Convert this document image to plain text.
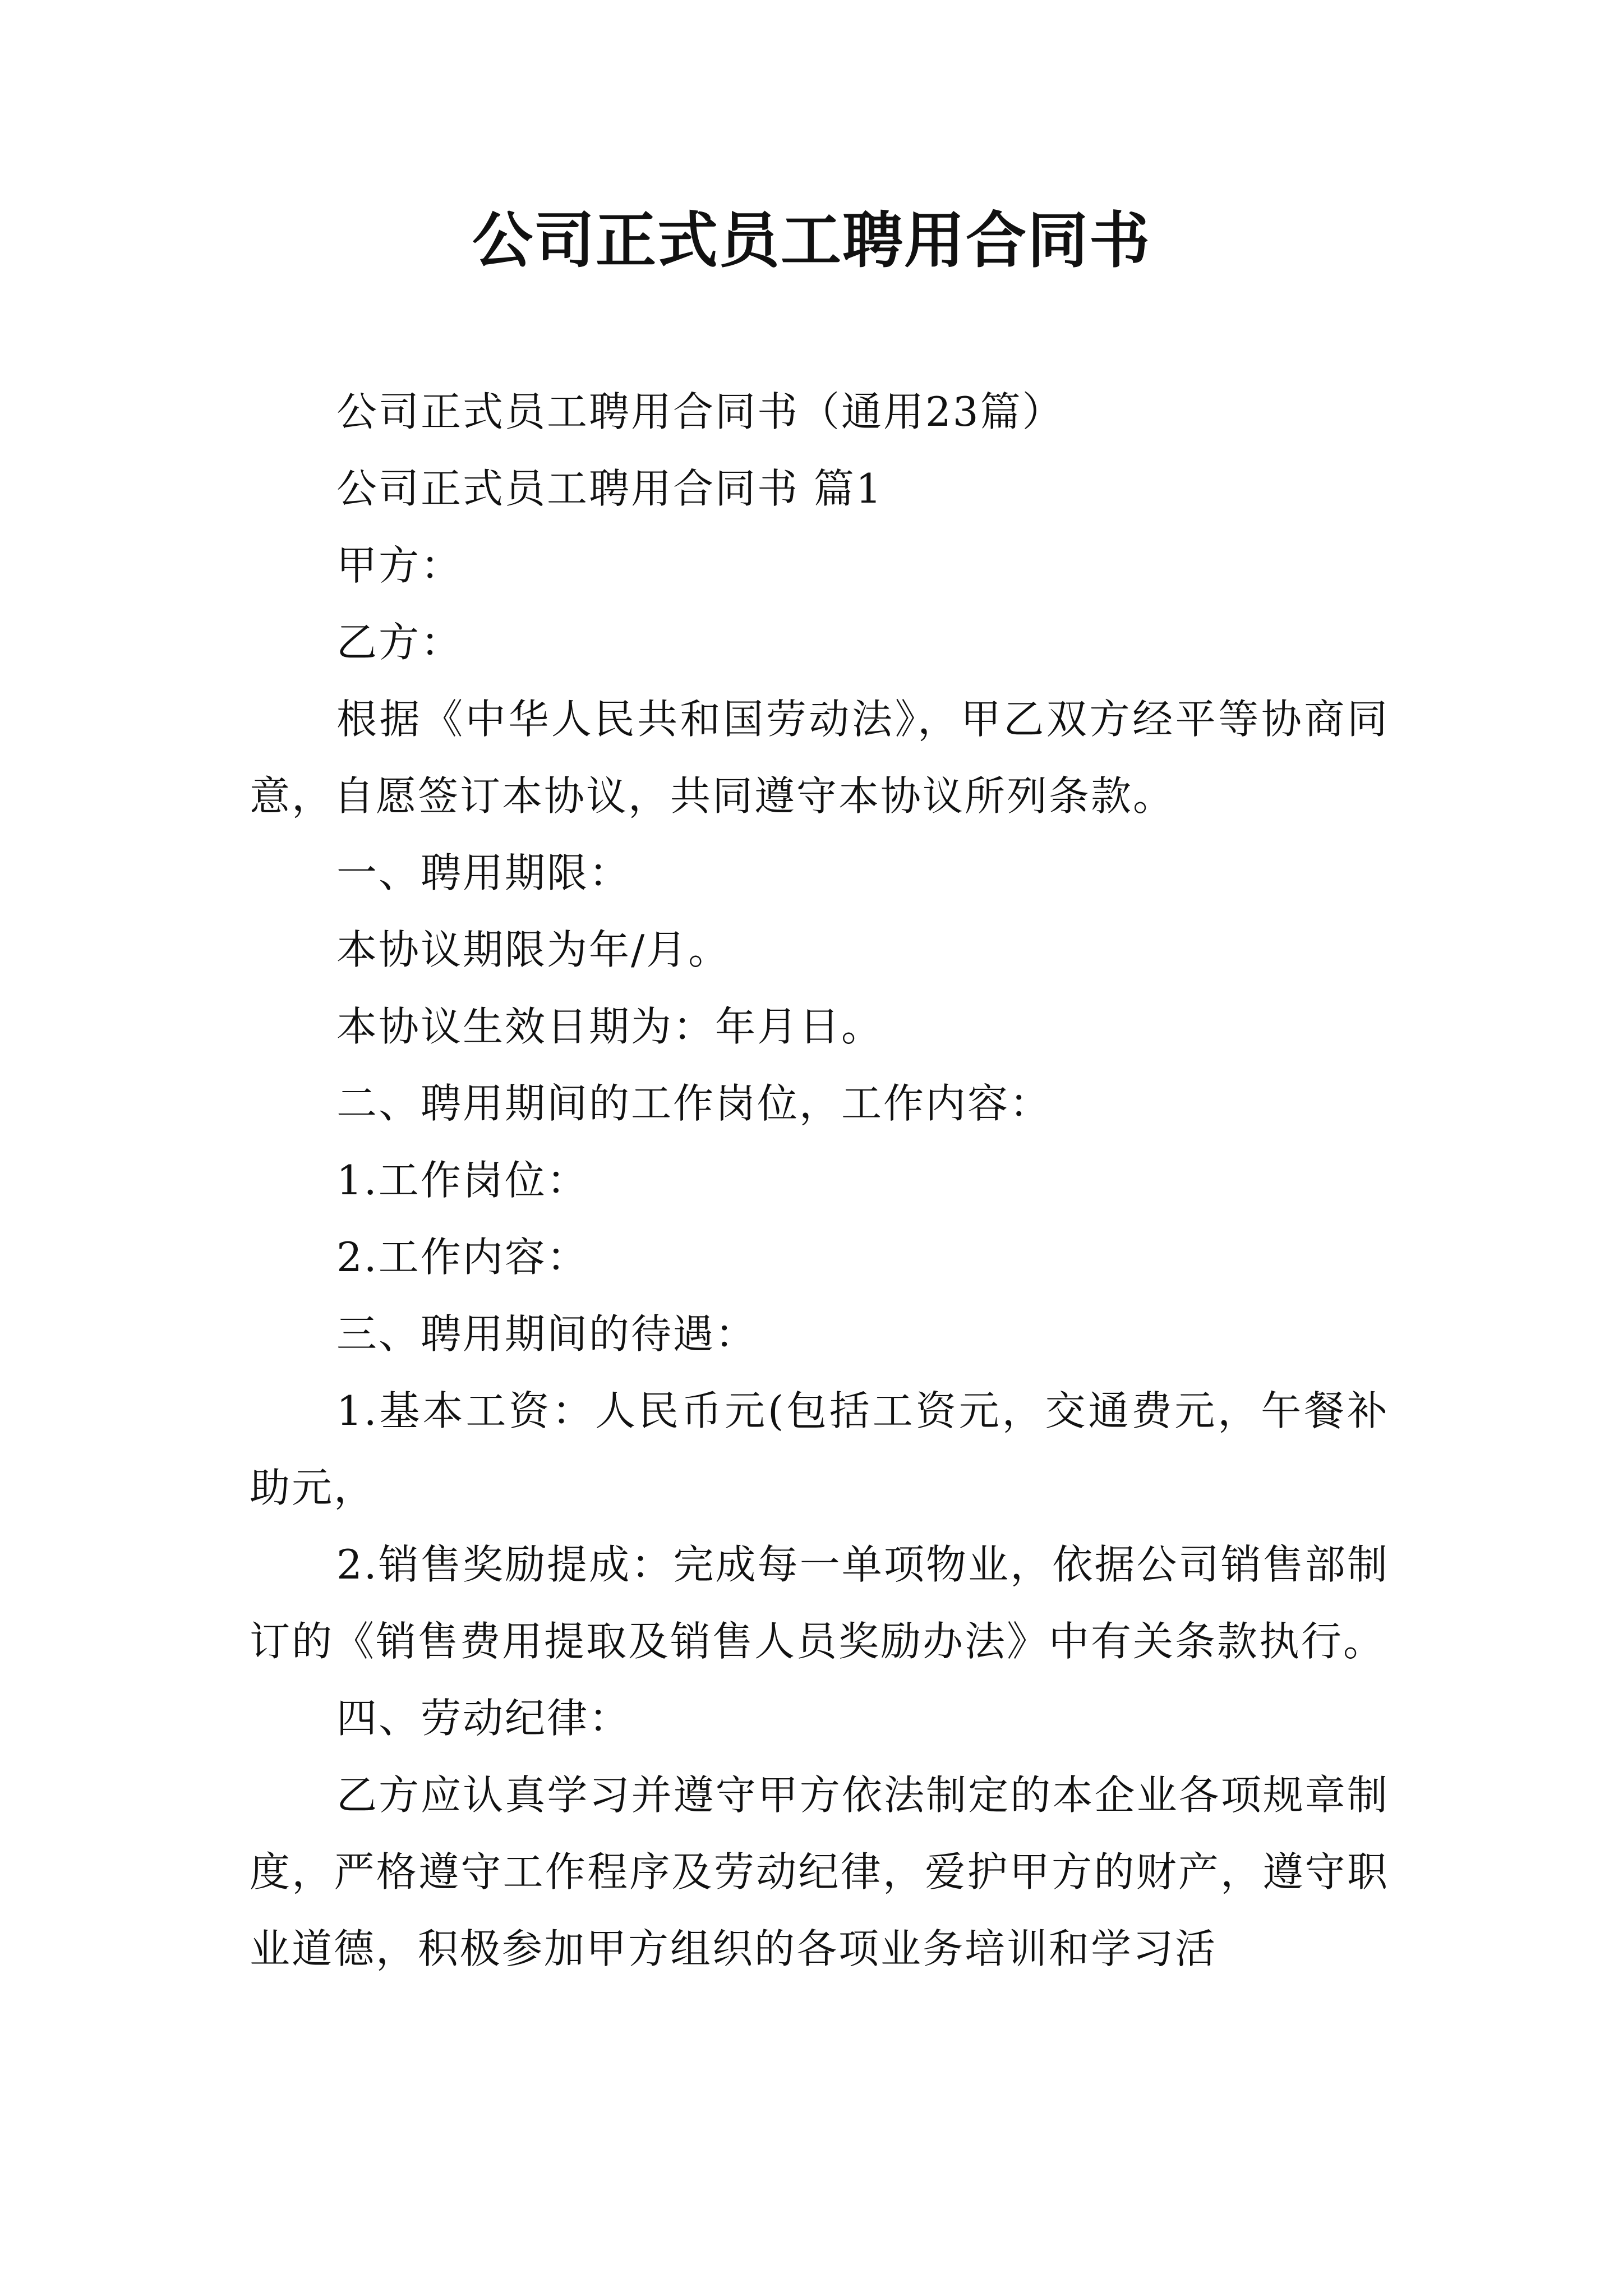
公司正式员工聘用合同书

公司正式员工聘用合同书（通用23篇）

公司正式员工聘用合同书 篇1

甲方：

乙方：

根据《中华人民共和国劳动法》，甲乙双方经平等协商同意，自愿签订本协议，共同遵守本协议所列条款。

一、聘用期限：

本协议期限为年/月。

本协议生效日期为：年月日。

二、聘用期间的工作岗位，工作内容：

1.工作岗位：

2.工作内容：

三、聘用期间的待遇：

1.基本工资：人民币元(包括工资元，交通费元，午餐补助元，

2.销售奖励提成：完成每一单项物业，依据公司销售部制订的《销售费用提取及销售人员奖励办法》中有关条款执行。

四、劳动纪律：

乙方应认真学习并遵守甲方依法制定的本企业各项规章制度，严格遵守工作程序及劳动纪律，爱护甲方的财产，遵守职业道德，积极参加甲方组织的各项业务培训和学习活
